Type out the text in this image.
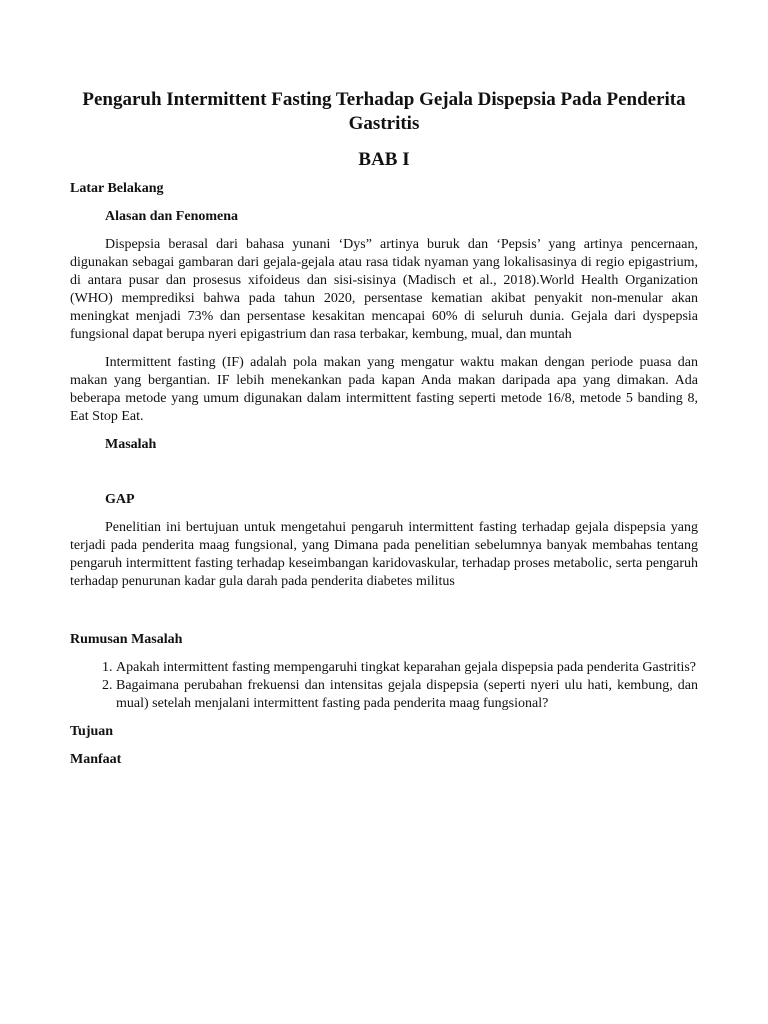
Pengaruh Intermittent Fasting Terhadap Gejala Dispepsia Pada Penderita Gastritis
BAB I
Latar Belakang
Alasan dan Fenomena

Dispepsia berasal dari bahasa yunani ‘Dys” artinya buruk dan ‘Pepsis’ yang artinya pencernaan, digunakan sebagai gambaran dari gejala-gejala atau rasa tidak nyaman yang lokalisasinya di regio epigastrium, di antara pusar dan prosesus xifoideus dan sisi-sisinya (Madisch et al., 2018).World Health Organization (WHO) memprediksi bahwa pada tahun 2020, persentase kematian akibat penyakit non-menular akan meningkat menjadi 73% dan persentase kesakitan mencapai 60% di seluruh dunia. Gejala dari dyspepsia fungsional dapat berupa nyeri epigastrium dan rasa terbakar, kembung, mual, dan muntah

Intermittent fasting (IF) adalah pola makan yang mengatur waktu makan dengan periode puasa dan makan yang bergantian. IF lebih menekankan pada kapan Anda makan daripada apa yang dimakan. Ada beberapa metode yang umum digunakan dalam intermittent fasting seperti metode 16/8, metode 5 banding 8, Eat Stop Eat.

Masalah
GAP

Penelitian ini bertujuan untuk mengetahui pengaruh intermittent fasting terhadap gejala dispepsia yang terjadi pada penderita maag fungsional, yang Dimana pada penelitian sebelumnya banyak membahas tentang pengaruh intermittent fasting terhadap keseimbangan karidovaskular, terhadap proses metabolic, serta pengaruh terhadap penurunan kadar gula darah pada penderita diabetes militus

Rumusan Masalah
1. Apakah intermittent fasting mempengaruhi tingkat keparahan gejala dispepsia pada penderita Gastritis?
2. Bagaimana perubahan frekuensi dan intensitas gejala dispepsia (seperti nyeri ulu hati, kembung, dan mual) setelah menjalani intermittent fasting pada penderita maag fungsional?
Tujuan
Manfaat
